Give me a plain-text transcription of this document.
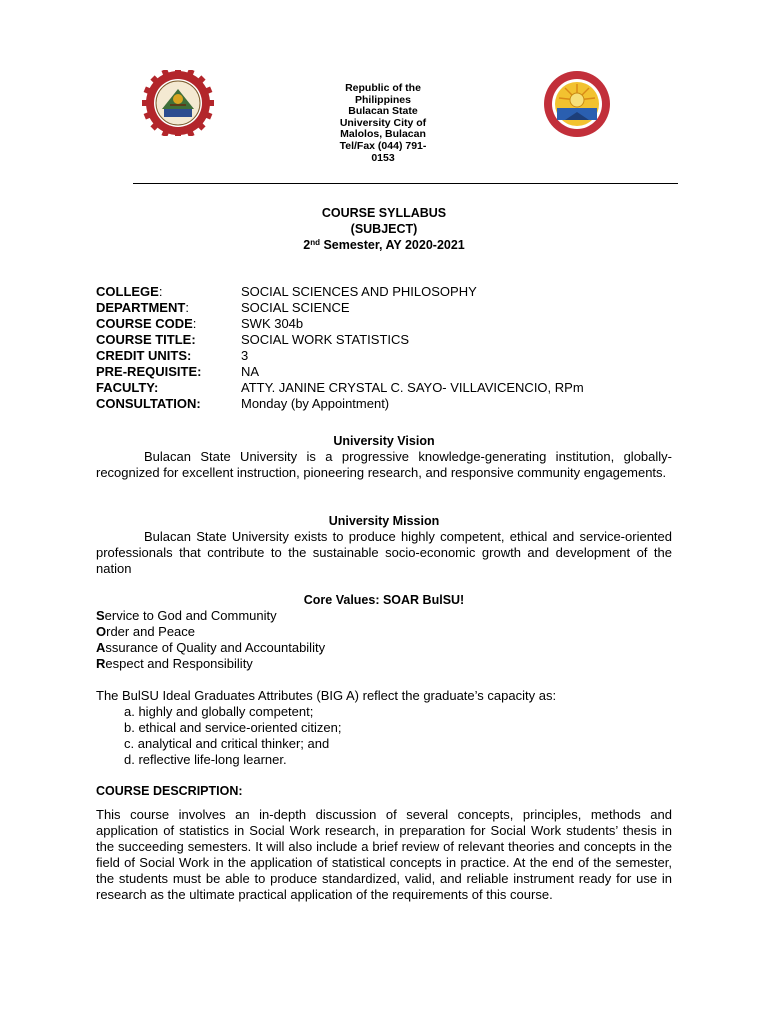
Republic of the
Philippines
Bulacan State
University City of
Malolos, Bulacan
Tel/Fax (044) 791-
0153
COURSE SYLLABUS
(SUBJECT)
2nd Semester, AY 2020-2021
COLLEGE:	SOCIAL SCIENCES AND PHILOSOPHY
DEPARTMENT:	SOCIAL SCIENCE
COURSE CODE:	SWK 304b
COURSE TITLE:	SOCIAL WORK STATISTICS
CREDIT UNITS:	3
PRE-REQUISITE:	NA
FACULTY:	ATTY. JANINE CRYSTAL C. SAYO- VILLAVICENCIO, RPm
CONSULTATION:	Monday (by Appointment)
University Vision
Bulacan State University is a progressive knowledge-generating institution, globally-recognized for excellent instruction, pioneering research, and responsive community engagements.
University Mission
Bulacan State University exists to produce highly competent, ethical and service-oriented professionals that contribute to the sustainable socio-economic growth and development of the nation
Core Values: SOAR BulSU!
Service to God and Community
Order and Peace
Assurance of Quality and Accountability
Respect and Responsibility
The BulSU Ideal Graduates Attributes (BIG A) reflect the graduate’s capacity as:
a. highly and globally competent;
b. ethical and service-oriented citizen;
c. analytical and critical thinker; and
d. reflective life-long learner.
COURSE DESCRIPTION:
This course involves an in-depth discussion of several concepts, principles, methods and application of statistics in Social Work research, in preparation for Social Work students’ thesis in the succeeding semesters. It will also include a brief review of relevant theories and concepts in the field of Social Work in the application of statistical concepts in practice. At the end of the semester, the students must be able to produce standardized, valid, and reliable instrument ready for use in research as the ultimate practical application of the requirements of this course.
